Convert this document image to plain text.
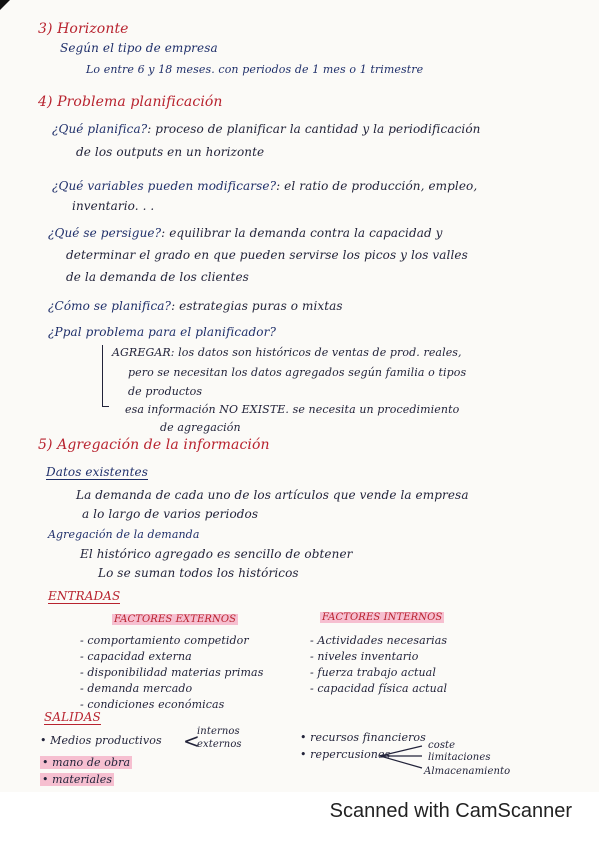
3) Horizonte
Según el tipo de empresa
Lo entre 6 y 18 meses. con periodos de 1 mes o 1 trimestre
4) Problema planificación
¿Qué planifica?: proceso de planificar la cantidad y la periodificación
de los outputs en un horizonte
¿Qué variables pueden modificarse?: el ratio de producción, empleo,
inventario. . .
¿Qué se persigue?: equilibrar la demanda contra la capacidad y
determinar el grado en que pueden servirse los picos y los valles
de la demanda de los clientes
¿Cómo se planifica?: estrategias puras o mixtas
¿Ppal problema para el planificador?
AGREGAR: los datos son históricos de ventas de prod. reales,
pero se necesitan los datos agregados según familia o tipos
de productos
esa información NO EXISTE. se necesita un procedimiento
de agregación
5) Agregación de la información
Datos existentes
La demanda de cada uno de los artículos que vende la empresa
a lo largo de varios periodos
Agregación de la demanda
El histórico agregado es sencillo de obtener
Lo se suman todos los históricos
ENTRADAS
FACTORES EXTERNOS
- comportamiento competidor
- capacidad externa
- disponibilidad materias primas
- demanda mercado
- condiciones económicas
FACTORES INTERNOS
- Actividades necesarias
- niveles inventario
- fuerza trabajo actual
- capacidad física actual
SALIDAS
• Medios productivos <
internos
externos
• mano de obra
• materiales
• recursos financieros
• repercusiones
coste
limitaciones
Almacenamiento
Scanned with CamScanner
